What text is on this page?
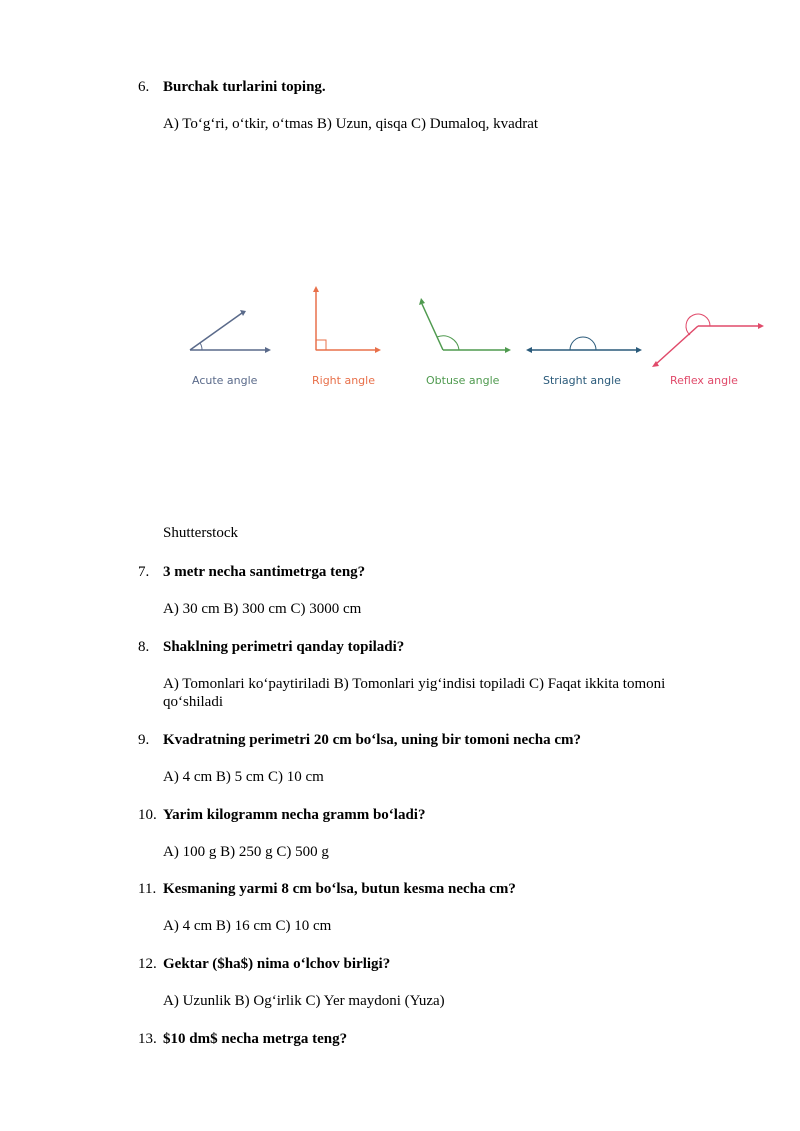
6. Burchak turlarini toping.
A) To‘g‘ri, o‘tkir, o‘tmas B) Uzun, qisqa C) Dumaloq, kvadrat
Acute angle	Right angle	Obtuse angle	Striaght angle	Reflex angle
Shutterstock
7. 3 metr necha santimetrga teng?
A) 30 cm B) 300 cm C) 3000 cm
8. Shaklning perimetri qanday topiladi?
A) Tomonlari ko‘paytiriladi B) Tomonlari yig‘indisi topiladi C) Faqat ikkita tomoni qo‘shiladi
9. Kvadratning perimetri 20 cm bo‘lsa, uning bir tomoni necha cm?
A) 4 cm B) 5 cm C) 10 cm
10. Yarim kilogramm necha gramm bo‘ladi?
A) 100 g B) 250 g C) 500 g
11. Kesmaning yarmi 8 cm bo‘lsa, butun kesma necha cm?
A) 4 cm B) 16 cm C) 10 cm
12. Gektar ($ha$) nima o‘lchov birligi?
A) Uzunlik B) Og‘irlik C) Yer maydoni (Yuza)
13. $10 dm$ necha metrga teng?
